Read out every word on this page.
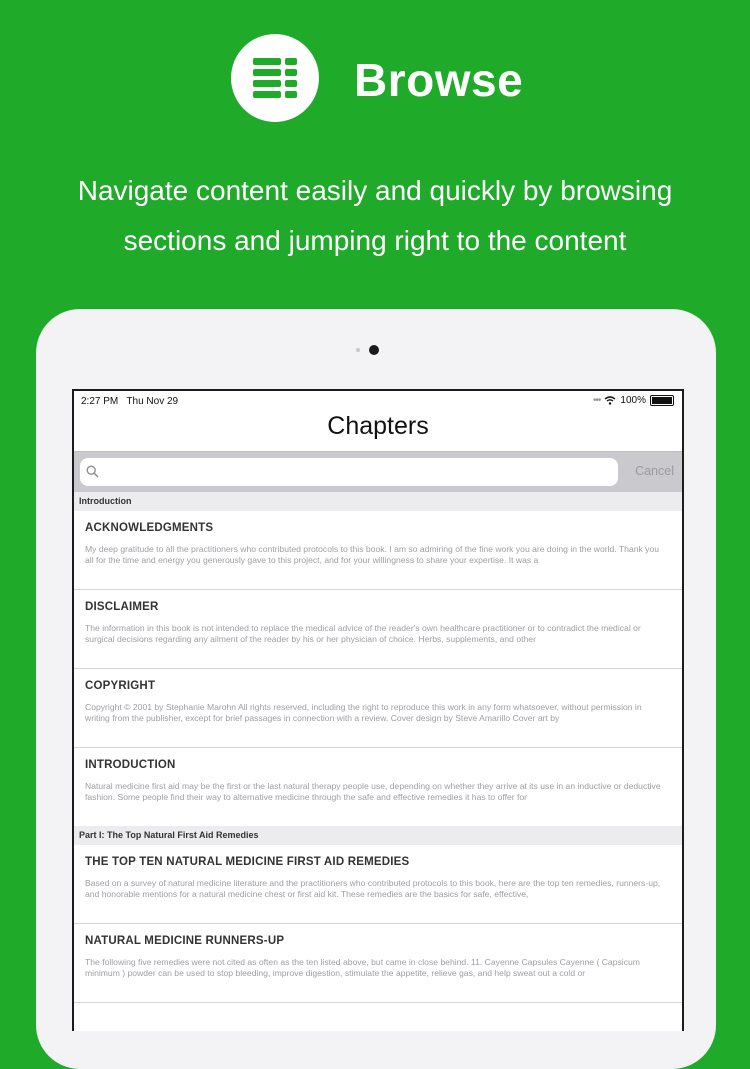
Browse
Navigate content easily and quickly by browsing
sections and jumping right to the content
2:27 PM Thu Nov 29	••• 100%
Chapters
Cancel
Introduction
ACKNOWLEDGMENTS
My deep gratitude to all the practitioners who contributed protocols to this book. I am so admiring of the fine work you are doing in the world. Thank you all for the time and energy you generously gave to this project, and for your willingness to share your expertise. It was a
DISCLAIMER
The information in this book is not intended to replace the medical advice of the reader's own healthcare practitioner or to contradict the medical or surgical decisions regarding any ailment of the reader by his or her physician of choice. Herbs, supplements, and other
COPYRIGHT
Copyright © 2001 by Stephanie Marohn All rights reserved, including the right to reproduce this work in any form whatsoever, without permission in writing from the publisher, except for brief passages in connection with a review. Cover design by Steve Amarillo Cover art by
INTRODUCTION
Natural medicine first aid may be the first or the last natural therapy people use, depending on whether they arrive at its use in an inductive or deductive fashion. Some people find their way to alternative medicine through the safe and effective remedies it has to offer for
Part I: The Top Natural First Aid Remedies
THE TOP TEN NATURAL MEDICINE FIRST AID REMEDIES
Based on a survey of natural medicine literature and the practitioners who contributed protocols to this book, here are the top ten remedies, runners-up, and honorable mentions for a natural medicine chest or first aid kit. These remedies are the basics for safe, effective,
NATURAL MEDICINE RUNNERS-UP
The following five remedies were not cited as often as the ten listed above, but came in close behind. 11. Cayenne Capsules Cayenne ( Capsicum minimum ) powder can be used to stop bleeding, improve digestion, stimulate the appetite, relieve gas, and help sweat out a cold or
